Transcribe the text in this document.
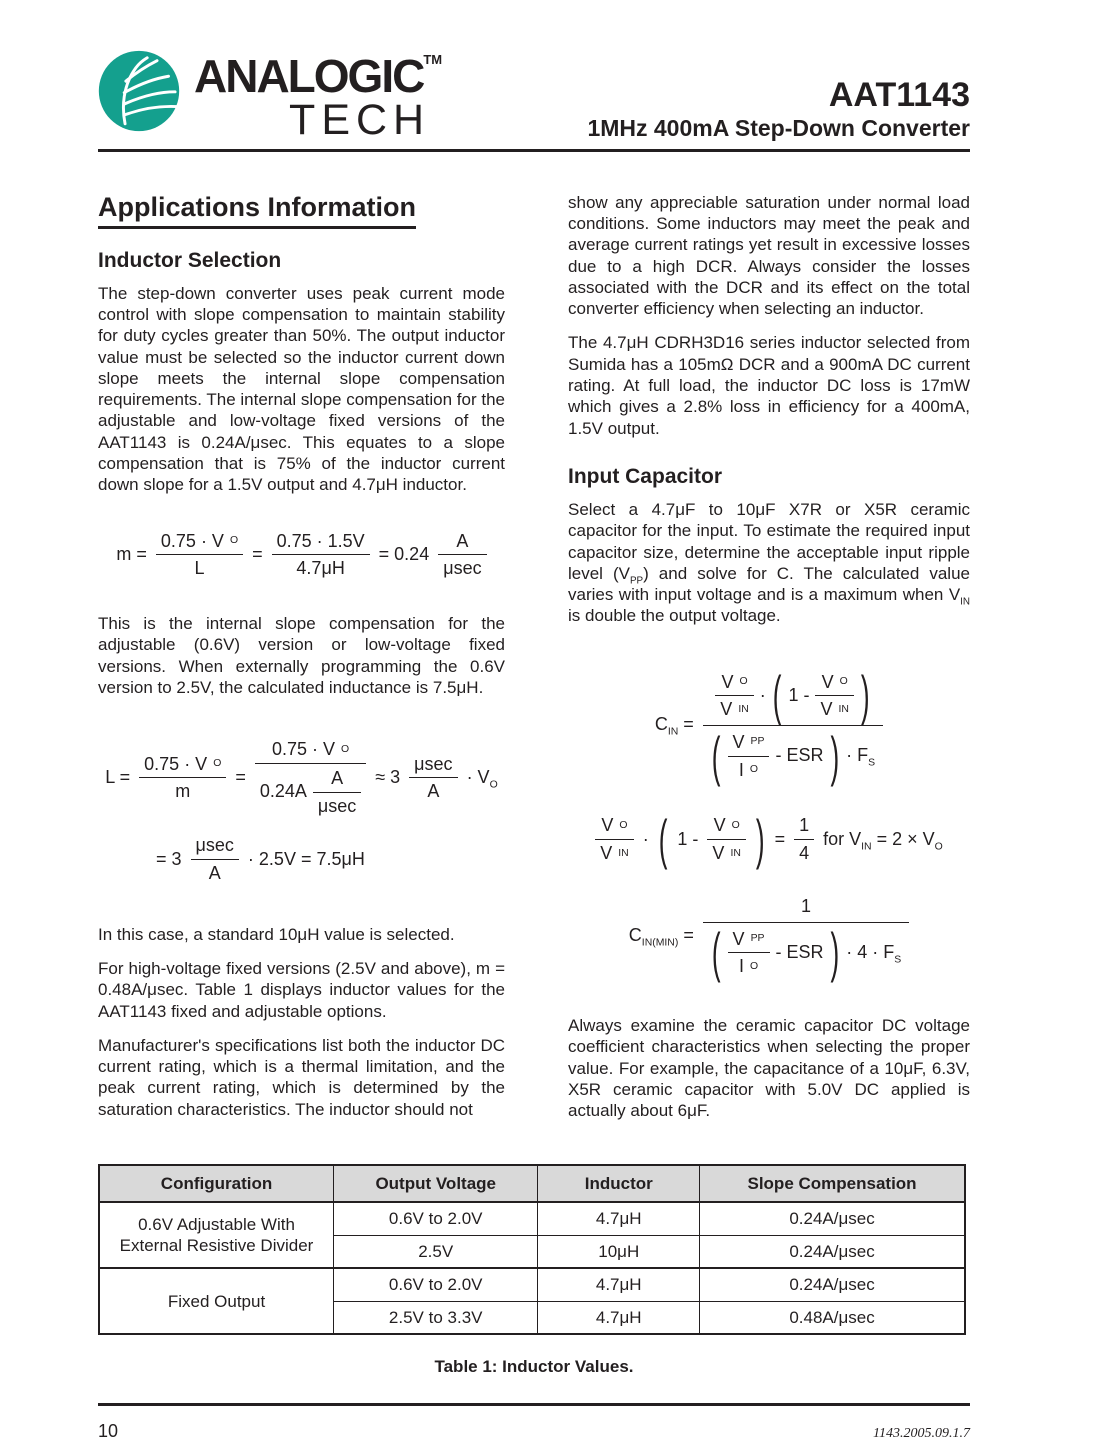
ANALOGIC™
TECH
AAT1143
1MHz 400mA Step-Down Converter
Applications Information
Inductor Selection

The step-down converter uses peak current mode control with slope compensation to maintain stability for duty cycles greater than 50%. The output inductor value must be selected so the inductor current down slope meets the internal slope compensation requirements. The internal slope compensation for the adjustable and low-voltage fixed versions of the AAT1143 is 0.24A/μsec. This equates to a slope compensation that is 75% of the inductor current down slope for a 1.5V output and 4.7μH inductor.

$m = \frac{\text{0.75 · V O}}{L} = \frac{0.75 \cdot 1.5V}{4.7\mu H} = 0.24 \frac{A}{\mu\sec}$

This is the internal slope compensation for the adjustable (0.6V) version or low-voltage fixed versions. When externally programming the 0.6V version to 2.5V, the calculated inductance is 7.5μH.

$L = \frac{\text{0.75 · V O}}{m} = \frac{\text{0.75 · V O}}{0.24A \frac{A}{\mu\sec}} \approx 3 \frac{\mu\sec}{A} \cdot V_O$
= $3 \frac{\mu\sec}{A} \cdot 2.5V = 7.5\mu H$

In this case, a standard 10μH value is selected.

For high-voltage fixed versions (2.5V and above), m = 0.48A/μsec. Table 1 displays inductor values for the AAT1143 fixed and adjustable options.

Manufacturer's specifications list both the inductor DC current rating, which is a thermal limitation, and the peak current rating, which is determined by the saturation characteristics. The inductor should not

show any appreciable saturation under normal load conditions. Some inductors may meet the peak and average current ratings yet result in excessive losses due to a high DCR. Always consider the losses associated with the DCR and its effect on the total converter efficiency when selecting an inductor.

The 4.7μH CDRH3D16 series inductor selected from Sumida has a 105mΩ DCR and a 900mA DC current rating. At full load, the inductor DC loss is 17mW which gives a 2.8% loss in efficiency for a 400mA, 1.5V output.

Input Capacitor

Select a 4.7μF to 10μF X7R or X5R ceramic capacitor for the input. To estimate the required input capacitor size, determine the acceptable input ripple level $(V_{PP})$ and solve for C. The calculated value varies with input voltage and is a maximum when $V_{IN}$ is double the output voltage.

$C_{IN}$ =
$\frac{\text{V O}}{\text{V IN}}$ · ( $1 - \frac{\text{V O}}{\text{V IN}}$ )
( $\frac{\text{V PP}}{\text{I O}}$ - ESR ) · $F_S$
$\frac{\text{V O}}{\text{V IN}}$ · ( $1 - \frac{\text{V O}}{\text{V IN}}$ ) = $\frac{1}{4}$ for $V_{IN} = 2 \times V_O$
$C_{IN(MIN)}$ =
1
( $\frac{\text{V PP}}{\text{I O}}$ - ESR ) · $4 \cdot F_S$

Always examine the ceramic capacitor DC voltage coefficient characteristics when selecting the proper value. For example, the capacitance of a 10μF, 6.3V, X5R ceramic capacitor with 5.0V DC applied is actually about 6μF.

Configuration	Output Voltage	Inductor	Slope Compensation
0.6V Adjustable With External Resistive Divider	0.6V to 2.0V	4.7μH	0.24A/μsec
	2.5V	10μH	0.24A/μsec
Fixed Output	0.6V to 2.0V	4.7μH	0.24A/μsec
	2.5V to 3.3V	4.7μH	0.48A/μsec
Table 1: Inductor Values.
10	1143.2005.09.1.7
